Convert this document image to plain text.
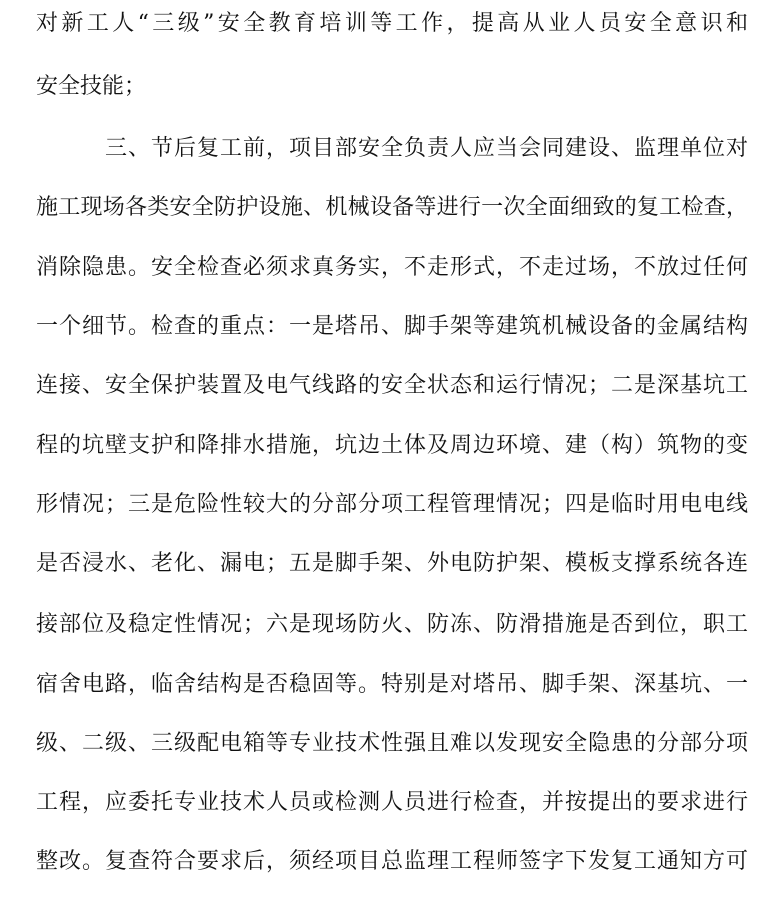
对新工人“三级”安全教育培训等工作，提高从业人员安全意识和
安全技能；
三、节后复工前，项目部安全负责人应当会同建设、监理单位对
施工现场各类安全防护设施、机械设备等进行一次全面细致的复工检查，
消除隐患。安全检查必须求真务实，不走形式，不走过场，不放过任何
一个细节。检查的重点：一是塔吊、脚手架等建筑机械设备的金属结构
连接、安全保护装置及电气线路的安全状态和运行情况；二是深基坑工
程的坑壁支护和降排水措施，坑边土体及周边环境、建（构）筑物的变
形情况；三是危险性较大的分部分项工程管理情况；四是临时用电电线
是否浸水、老化、漏电；五是脚手架、外电防护架、模板支撑系统各连
接部位及稳定性情况；六是现场防火、防冻、防滑措施是否到位，职工
宿舍电路，临舍结构是否稳固等。特别是对塔吊、脚手架、深基坑、一
级、二级、三级配电箱等专业技术性强且难以发现安全隐患的分部分项
工程，应委托专业技术人员或检测人员进行检查，并按提出的要求进行
整改。复查符合要求后，须经项目总监理工程师签字下发复工通知方可
